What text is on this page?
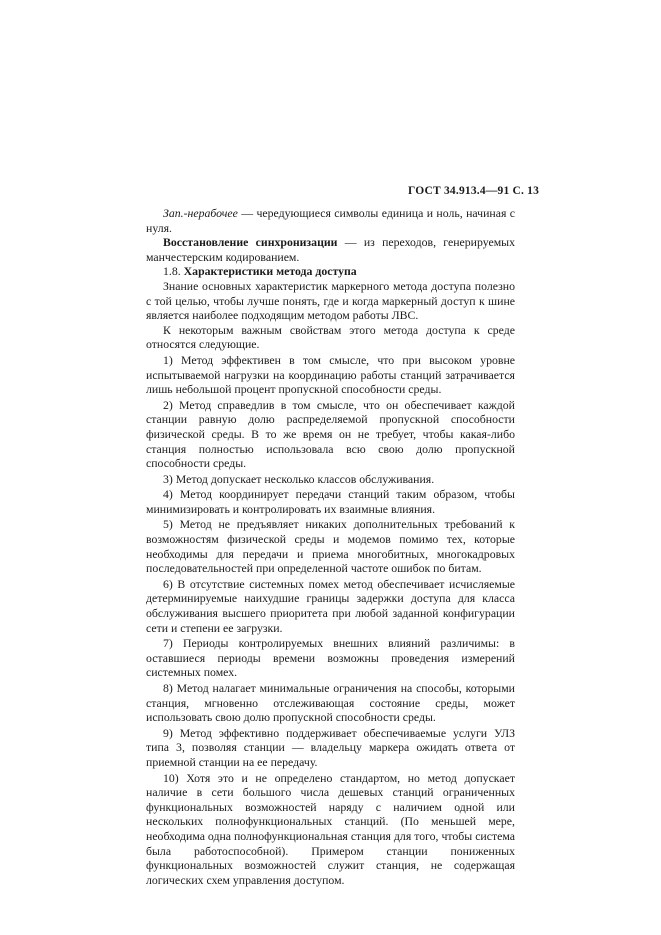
ГОСТ 34.913.4—91 С. 13

Зап.-нерабочее — чередующиеся символы единица и ноль, начиная с нуля.

Восстановление синхронизации — из переходов, генерируемых манчестерским кодированием.

1.8. Характеристики метода доступа

Знание основных характеристик маркерного метода доступа полезно с той целью, чтобы лучше понять, где и когда маркерный доступ к шине является наиболее подходящим методом работы ЛВС.

К некоторым важным свойствам этого метода доступа к среде относятся следующие.

1) Метод эффективен в том смысле, что при высоком уровне испытываемой нагрузки на координацию работы станций затрачивается лишь небольшой процент пропускной способности среды.

2) Метод справедлив в том смысле, что он обеспечивает каждой станции равную долю распределяемой пропускной способности физической среды. В то же время он не требует, чтобы какая-либо станция полностью использовала всю свою долю пропускной способности среды.

3) Метод допускает несколько классов обслуживания.

4) Метод координирует передачи станций таким образом, чтобы минимизировать и контролировать их взаимные влияния.

5) Метод не предъявляет никаких дополнительных требований к возможностям физической среды и модемов помимо тех, которые необходимы для передачи и приема многобитных, многокадровых последовательностей при определенной частоте ошибок по битам.

6) В отсутствие системных помех метод обеспечивает исчисляемые детерминируемые наихудшие границы задержки доступа для класса обслуживания высшего приоритета при любой заданной конфигурации сети и степени ее загрузки.

7) Периоды контролируемых внешних влияний различимы: в оставшиеся периоды времени возможны проведения измерений системных помех.

8) Метод налагает минимальные ограничения на способы, которыми станция, мгновенно отслеживающая состояние среды, может использовать свою долю пропускной способности среды.

9) Метод эффективно поддерживает обеспечиваемые услуги УЛЗ типа 3, позволяя станции — владельцу маркера ожидать ответа от приемной станции на ее передачу.

10) Хотя это и не определено стандартом, но метод допускает наличие в сети большого числа дешевых станций ограниченных функциональных возможностей наряду с наличием одной или нескольких полнофункциональных станций. (По меньшей мере, необходима одна полнофункциональная станция для того, чтобы система была работоспособной). Примером станции пониженных функциональных возможностей служит станция, не содержащая логических схем управления доступом.
